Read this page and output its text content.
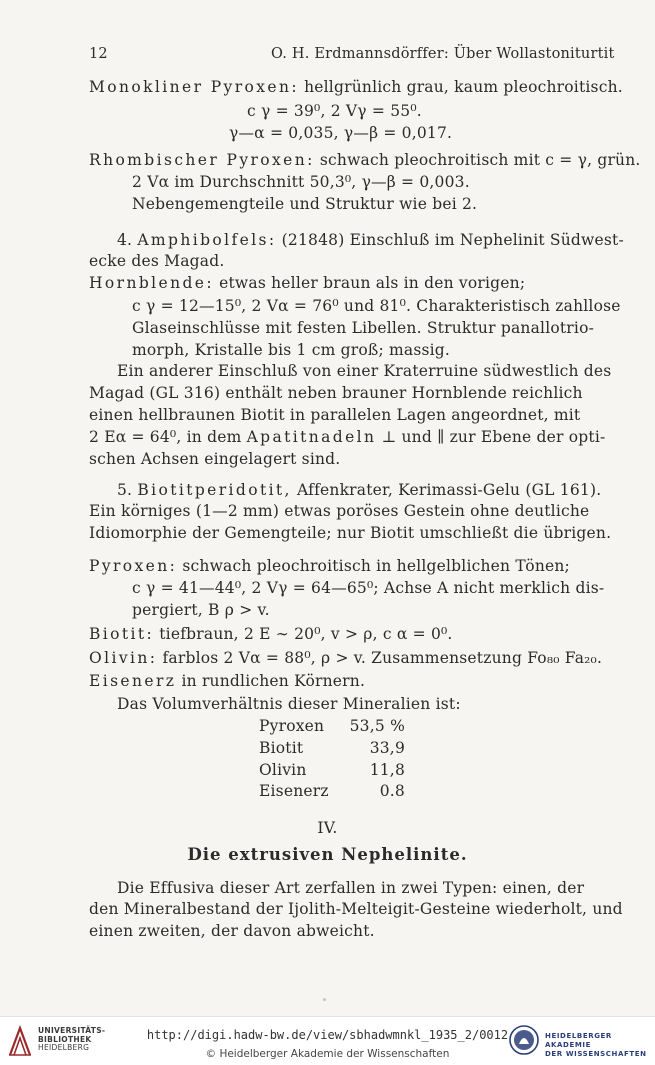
12	O. H. Erdmannsdörffer: Über Wollastoniturtit
Monokliner Pyroxen: hellgrünlich grau, kaum pleochroitisch.
c γ = 39⁰, 2 Vγ = 55⁰.
γ—α = 0,035, γ—β = 0,017.
Rhombischer Pyroxen: schwach pleochroitisch mit c = γ, grün.
2 Vα im Durchschnitt 50,3⁰, γ—β = 0,003.
Nebengemengteile und Struktur wie bei 2.
4. Amphibolfels: (21848) Einschluß im Nephelinit Südwest-
ecke des Magad.
Hornblende: etwas heller braun als in den vorigen;
c γ = 12—15⁰, 2 Vα = 76⁰ und 81⁰. Charakteristisch zahllose
Glaseinschlüsse mit festen Libellen. Struktur panallotrio-
morph, Kristalle bis 1 cm groß; massig.
Ein anderer Einschluß von einer Kraterruine südwestlich des
Magad (GL 316) enthält neben brauner Hornblende reichlich
einen hellbraunen Biotit in parallelen Lagen angeordnet, mit
2 Eα = 64⁰, in dem Apatitnadeln ⊥ und ∥ zur Ebene der opti-
schen Achsen eingelagert sind.
5. Biotitperidotit, Affenkrater, Kerimassi-Gelu (GL 161).
Ein körniges (1—2 mm) etwas poröses Gestein ohne deutliche
Idiomorphie der Gemengteile; nur Biotit umschließt die übrigen.
Pyroxen: schwach pleochroitisch in hellgelblichen Tönen;
c γ = 41—44⁰, 2 Vγ = 64—65⁰; Achse A nicht merklich dis-
pergiert, B ρ > v.
Biotit: tiefbraun, 2 E ∼ 20⁰, v > ρ, c α = 0⁰.
Olivin: farblos 2 Vα = 88⁰, ρ > v. Zusammensetzung Fo₈₀ Fa₂₀.
Eisenerz in rundlichen Körnern.
Das Volumverhältnis dieser Mineralien ist:
Pyroxen 53,5 %
Biotit	33,9
Olivin	11,8
Eisenerz	0.8
IV.
Die extrusiven Nephelinite.
Die Effusiva dieser Art zerfallen in zwei Typen: einen, der
den Mineralbestand der Ijolith-Melteigit-Gesteine wiederholt, und
einen zweiten, der davon abweicht.
UNIVERSITÄTS-
BIBLIOTHEK
HEIDELBERG
http://digi.hadw-bw.de/view/sbhadwmnkl_1935_2/0012
© Heidelberger Akademie der Wissenschaften
HEIDELBERGER AKADEMIE
DER WISSENSCHAFTEN
